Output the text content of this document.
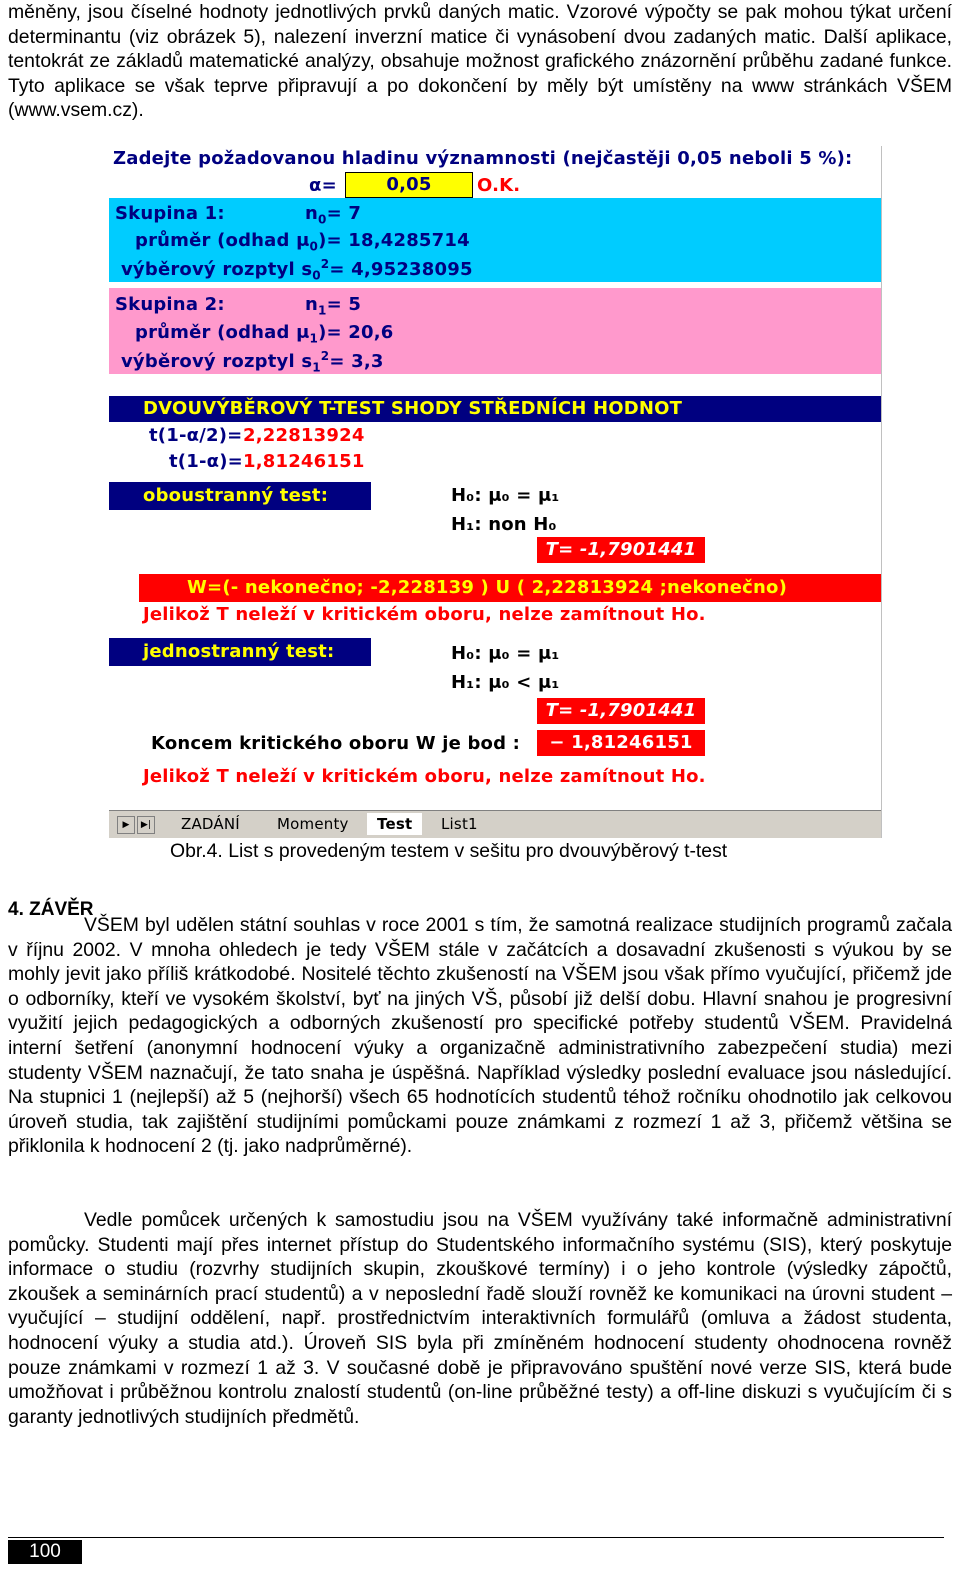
měněny, jsou číselné hodnoty jednotlivých prvků daných matic. Vzorové výpočty se pak mohou týkat určení determinantu (viz obrázek 5), nalezení inverzní matice či vynásobení dvou zadaných matic. Další aplikace, tentokrát ze základů matematické analýzy, obsahuje možnost grafického znázornění průběhu zadané funkce. Tyto aplikace se však teprve připravují a po dokončení by měly být umístěny na www stránkách VŠEM (www.vsem.cz).
Zadejte požadovanou hladinu významnosti (nejčastěji 0,05 neboli 5 %):
α=	0,05	O.K.
Skupina 1:	$n_0= 7$
průměr (odhad $\mu_0)= 18,4285714$
výběrový rozptyl $s_0^2= 4,95238095$
Skupina 2:	$n_1= 5$
průměr (odhad $\mu_1)= 20,6$
výběrový rozptyl $s_1^2= 3,3$
DVOUVÝBĚROVÝ T-TEST SHODY STŘEDNÍCH HODNOT
t(1-α/2)= 2,22813924
t(1-α)= 1,81246151
oboustranný test:	H₀: μ₀ = μ₁
H₁: non H₀
T= -1,7901441
W=(- nekonečno; -2,228139 ) U ( 2,22813924 ;nekonečno)
Jelikož T neleží v kritickém oboru, nelze zamítnout Ho.
jednostranný test:	H₀: μ₀ = μ₁
H₁: μ₀ < μ₁
T= -1,7901441
Koncem kritického oboru W je bod :	− 1,81246151
Jelikož T neleží v kritickém oboru, nelze zamítnout Ho.
▶	▶|	ZADÁNÍ	Momenty	Test	List1
Obr.4. List s provedeným testem v sešitu pro dvouvýběrový t-test
4. ZÁVĚR
VŠEM byl udělen státní souhlas v roce 2001 s tím, že samotná realizace studijních programů začala v říjnu 2002. V mnoha ohledech je tedy VŠEM stále v začátcích a dosavadní zkušenosti s výukou by se mohly jevit jako příliš krátkodobé. Nositelé těchto zkušeností na VŠEM jsou však přímo vyučující, přičemž jde o odborníky, kteří ve vysokém školství, byť na jiných VŠ, působí již delší dobu. Hlavní snahou je progresivní využití jejich pedagogických a odborných zkušeností pro specifické potřeby studentů VŠEM. Pravidelná interní šetření (anonymní hodnocení výuky a organizačně administrativního zabezpečení studia) mezi studenty VŠEM naznačují, že tato snaha je úspěšná. Například výsledky poslední evaluace jsou následující. Na stupnici 1 (nejlepší) až 5 (nejhorší) všech 65 hodnotících studentů téhož ročníku ohodnotilo jak celkovou úroveň studia, tak zajištění studijními pomůckami pouze známkami z rozmezí 1 až 3, přičemž většina se přiklonila k hodnocení 2 (tj. jako nadprůměrné).
Vedle pomůcek určených k samostudiu jsou na VŠEM využívány také informačně administrativní pomůcky. Studenti mají přes internet přístup do Studentského informačního systému (SIS), který poskytuje informace o studiu (rozvrhy studijních skupin, zkouškové termíny) i o jeho kontrole (výsledky zápočtů, zkoušek a seminárních prací studentů) a v neposlední řadě slouží rovněž ke komunikaci na úrovni student – vyučující – studijní oddělení, např. prostřednictvím interaktivních formulářů (omluva a žádost studenta, hodnocení výuky a studia atd.). Úroveň SIS byla při zmíněném hodnocení studenty ohodnocena rovněž pouze známkami v rozmezí 1 až 3. V současné době je připravováno spuštění nové verze SIS, která bude umožňovat i průběžnou kontrolu znalostí studentů (on-line průběžné testy) a off-line diskuzi s vyučujícím či s garanty jednotlivých studijních předmětů.
100
